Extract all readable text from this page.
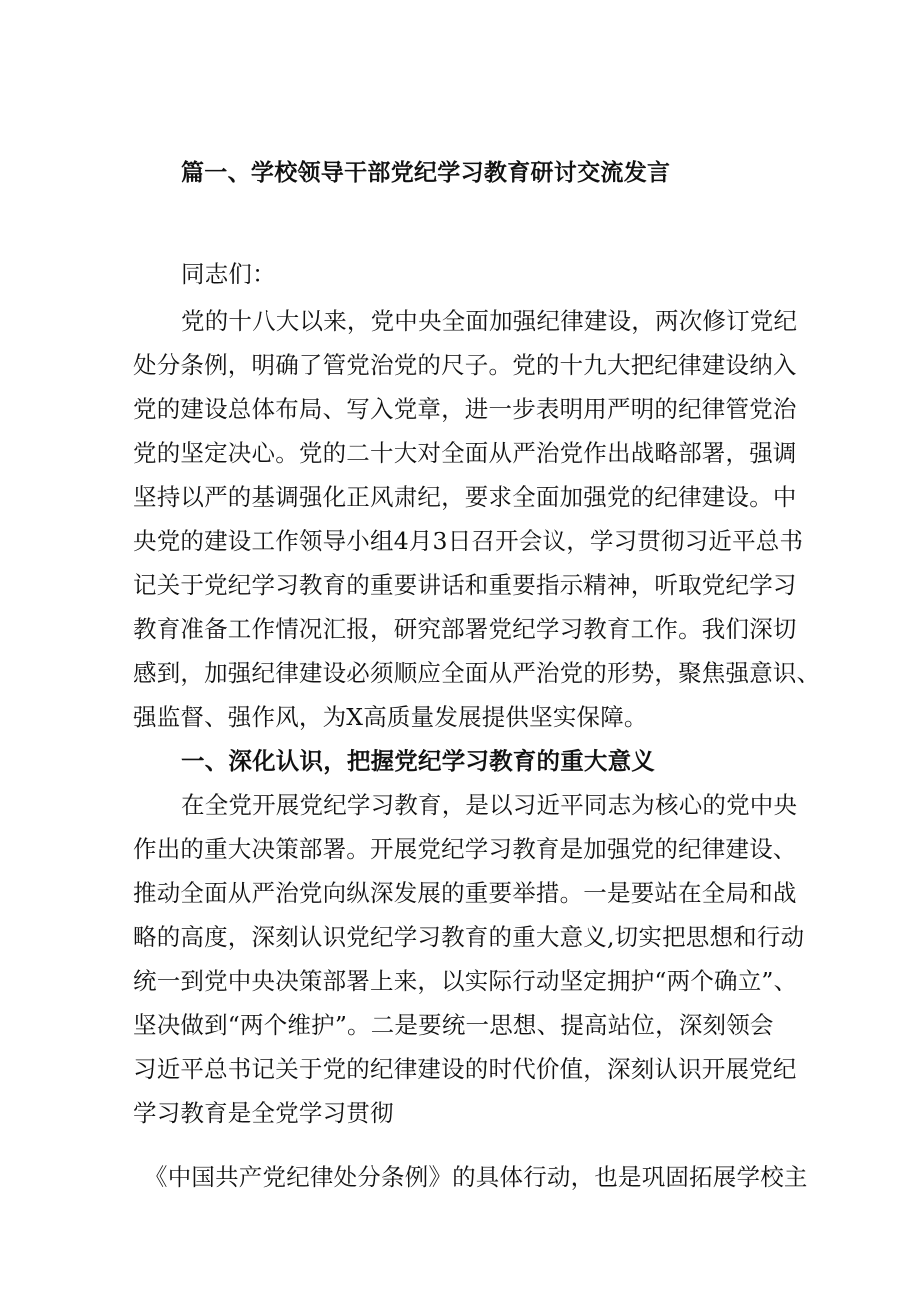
篇一、学校领导干部党纪学习教育研讨交流发言
同志们：
党的十八大以来，党中央全面加强纪律建设，两次修订党纪
处分条例，明确了管党治党的尺子。党的十九大把纪律建设纳入
党的建设总体布局、写入党章，进一步表明用严明的纪律管党治
党的坚定决心。党的二十大对全面从严治党作出战略部署，强调
坚持以严的基调强化正风肃纪，要求全面加强党的纪律建设。中
央党的建设工作领导小组4月3日召开会议，学习贯彻习近平总书
记关于党纪学习教育的重要讲话和重要指示精神，听取党纪学习
教育准备工作情况汇报，研究部署党纪学习教育工作。我们深切
感到，加强纪律建设必须顺应全面从严治党的形势，聚焦强意识、
强监督、强作风，为X高质量发展提供坚实保障。
一、深化认识，把握党纪学习教育的重大意义
在全党开展党纪学习教育，是以习近平同志为核心的党中央
作出的重大决策部署。开展党纪学习教育是加强党的纪律建设、
推动全面从严治党向纵深发展的重要举措。一是要站在全局和战
略的高度，深刻认识党纪学习教育的重大意义,切实把思想和行动
统一到党中央决策部署上来，以实际行动坚定拥护“两个确立”、
坚决做到“两个维护”。二是要统一思想、提高站位，深刻领会
习近平总书记关于党的纪律建设的时代价值，深刻认识开展党纪
学习教育是全党学习贯彻
《中国共产党纪律处分条例》的具体行动，也是巩固拓展学校主
